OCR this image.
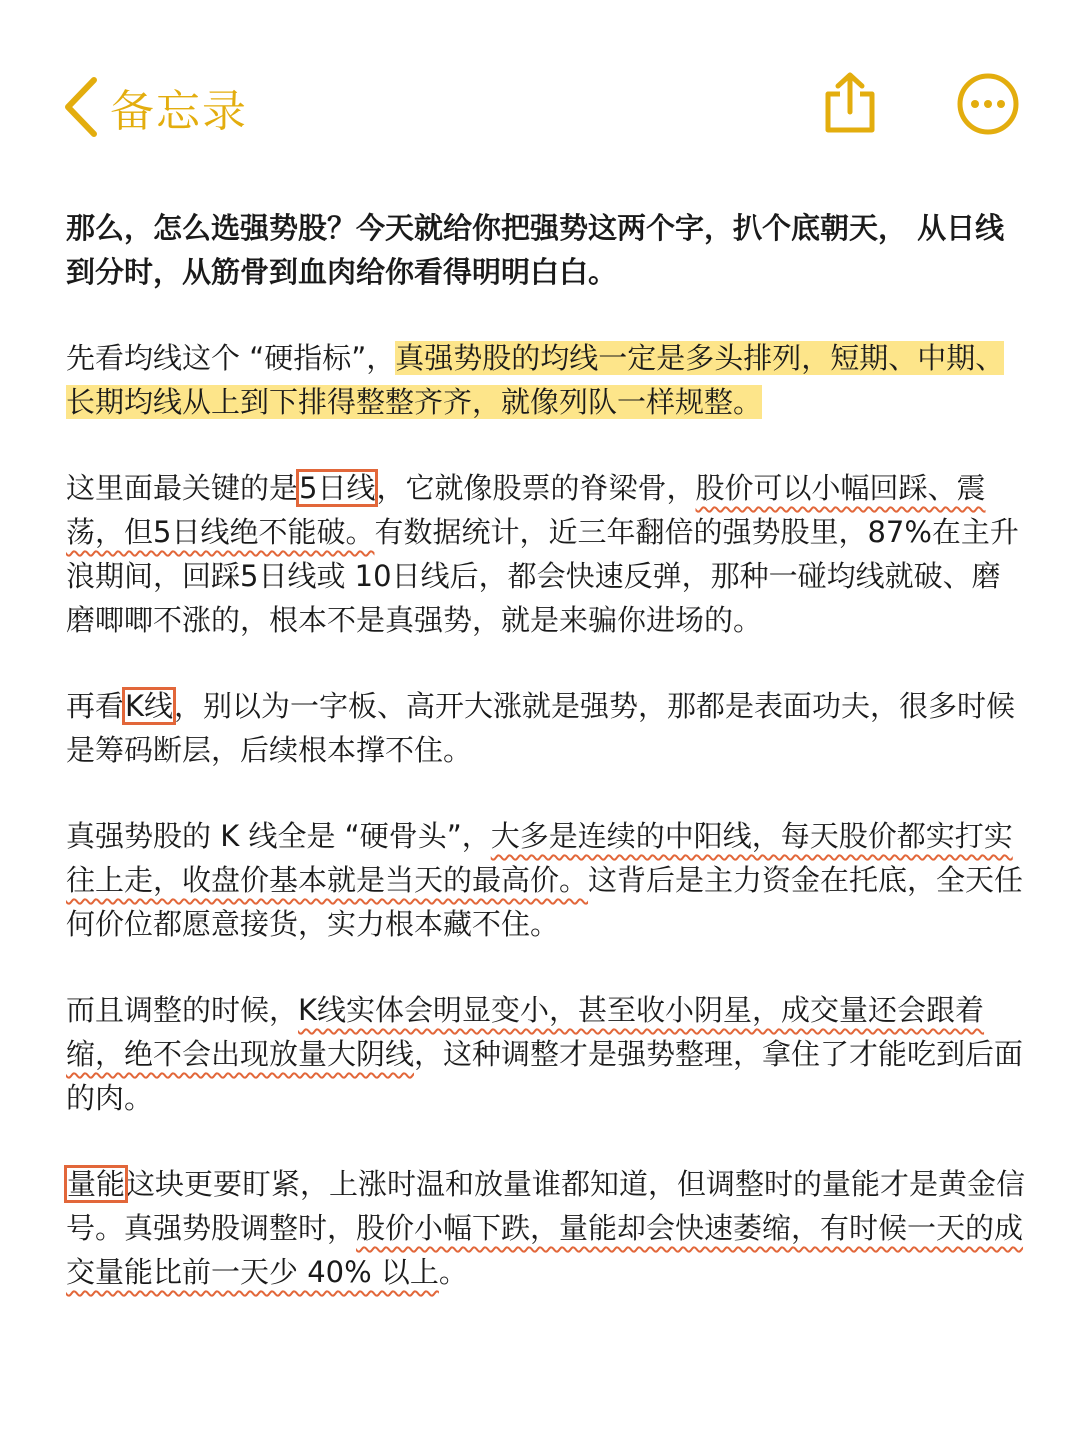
备忘录

那么，怎么选强势股？今天就给你把强势这两个字，扒个底朝天， 从日线到分时，从筋骨到血肉给你看得明明白白。

先看均线这个 “硬指标”，真强势股的均线一定是多头排列，短期、中期、长期均线从上到下排得整整齐齐，就像列队一样规整。

这里面最关键的是5日线，它就像股票的脊梁骨，股价可以小幅回踩、震荡，但5日线绝不能破。有数据统计，近三年翻倍的强势股里，87%在主升浪期间，回踩5日线或 10日线后，都会快速反弹，那种一碰均线就破、磨磨唧唧不涨的，根本不是真强势，就是来骗你进场的。

再看K线，别以为一字板、高开大涨就是强势，那都是表面功夫，很多时候是筹码断层，后续根本撑不住。

真强势股的 K 线全是 “硬骨头”，大多是连续的中阳线，每天股价都实打实往上走，收盘价基本就是当天的最高价。这背后是主力资金在托底，全天任何价位都愿意接货，实力根本藏不住。

而且调整的时候，K线实体会明显变小，甚至收小阴星，成交量还会跟着缩，绝不会出现放量大阴线，这种调整才是强势整理，拿住了才能吃到后面的肉。

量能这块更要盯紧，上涨时温和放量谁都知道，但调整时的量能才是黄金信号。真强势股调整时，股价小幅下跌，量能却会快速萎缩，有时候一天的成交量能比前一天少 40% 以上。
